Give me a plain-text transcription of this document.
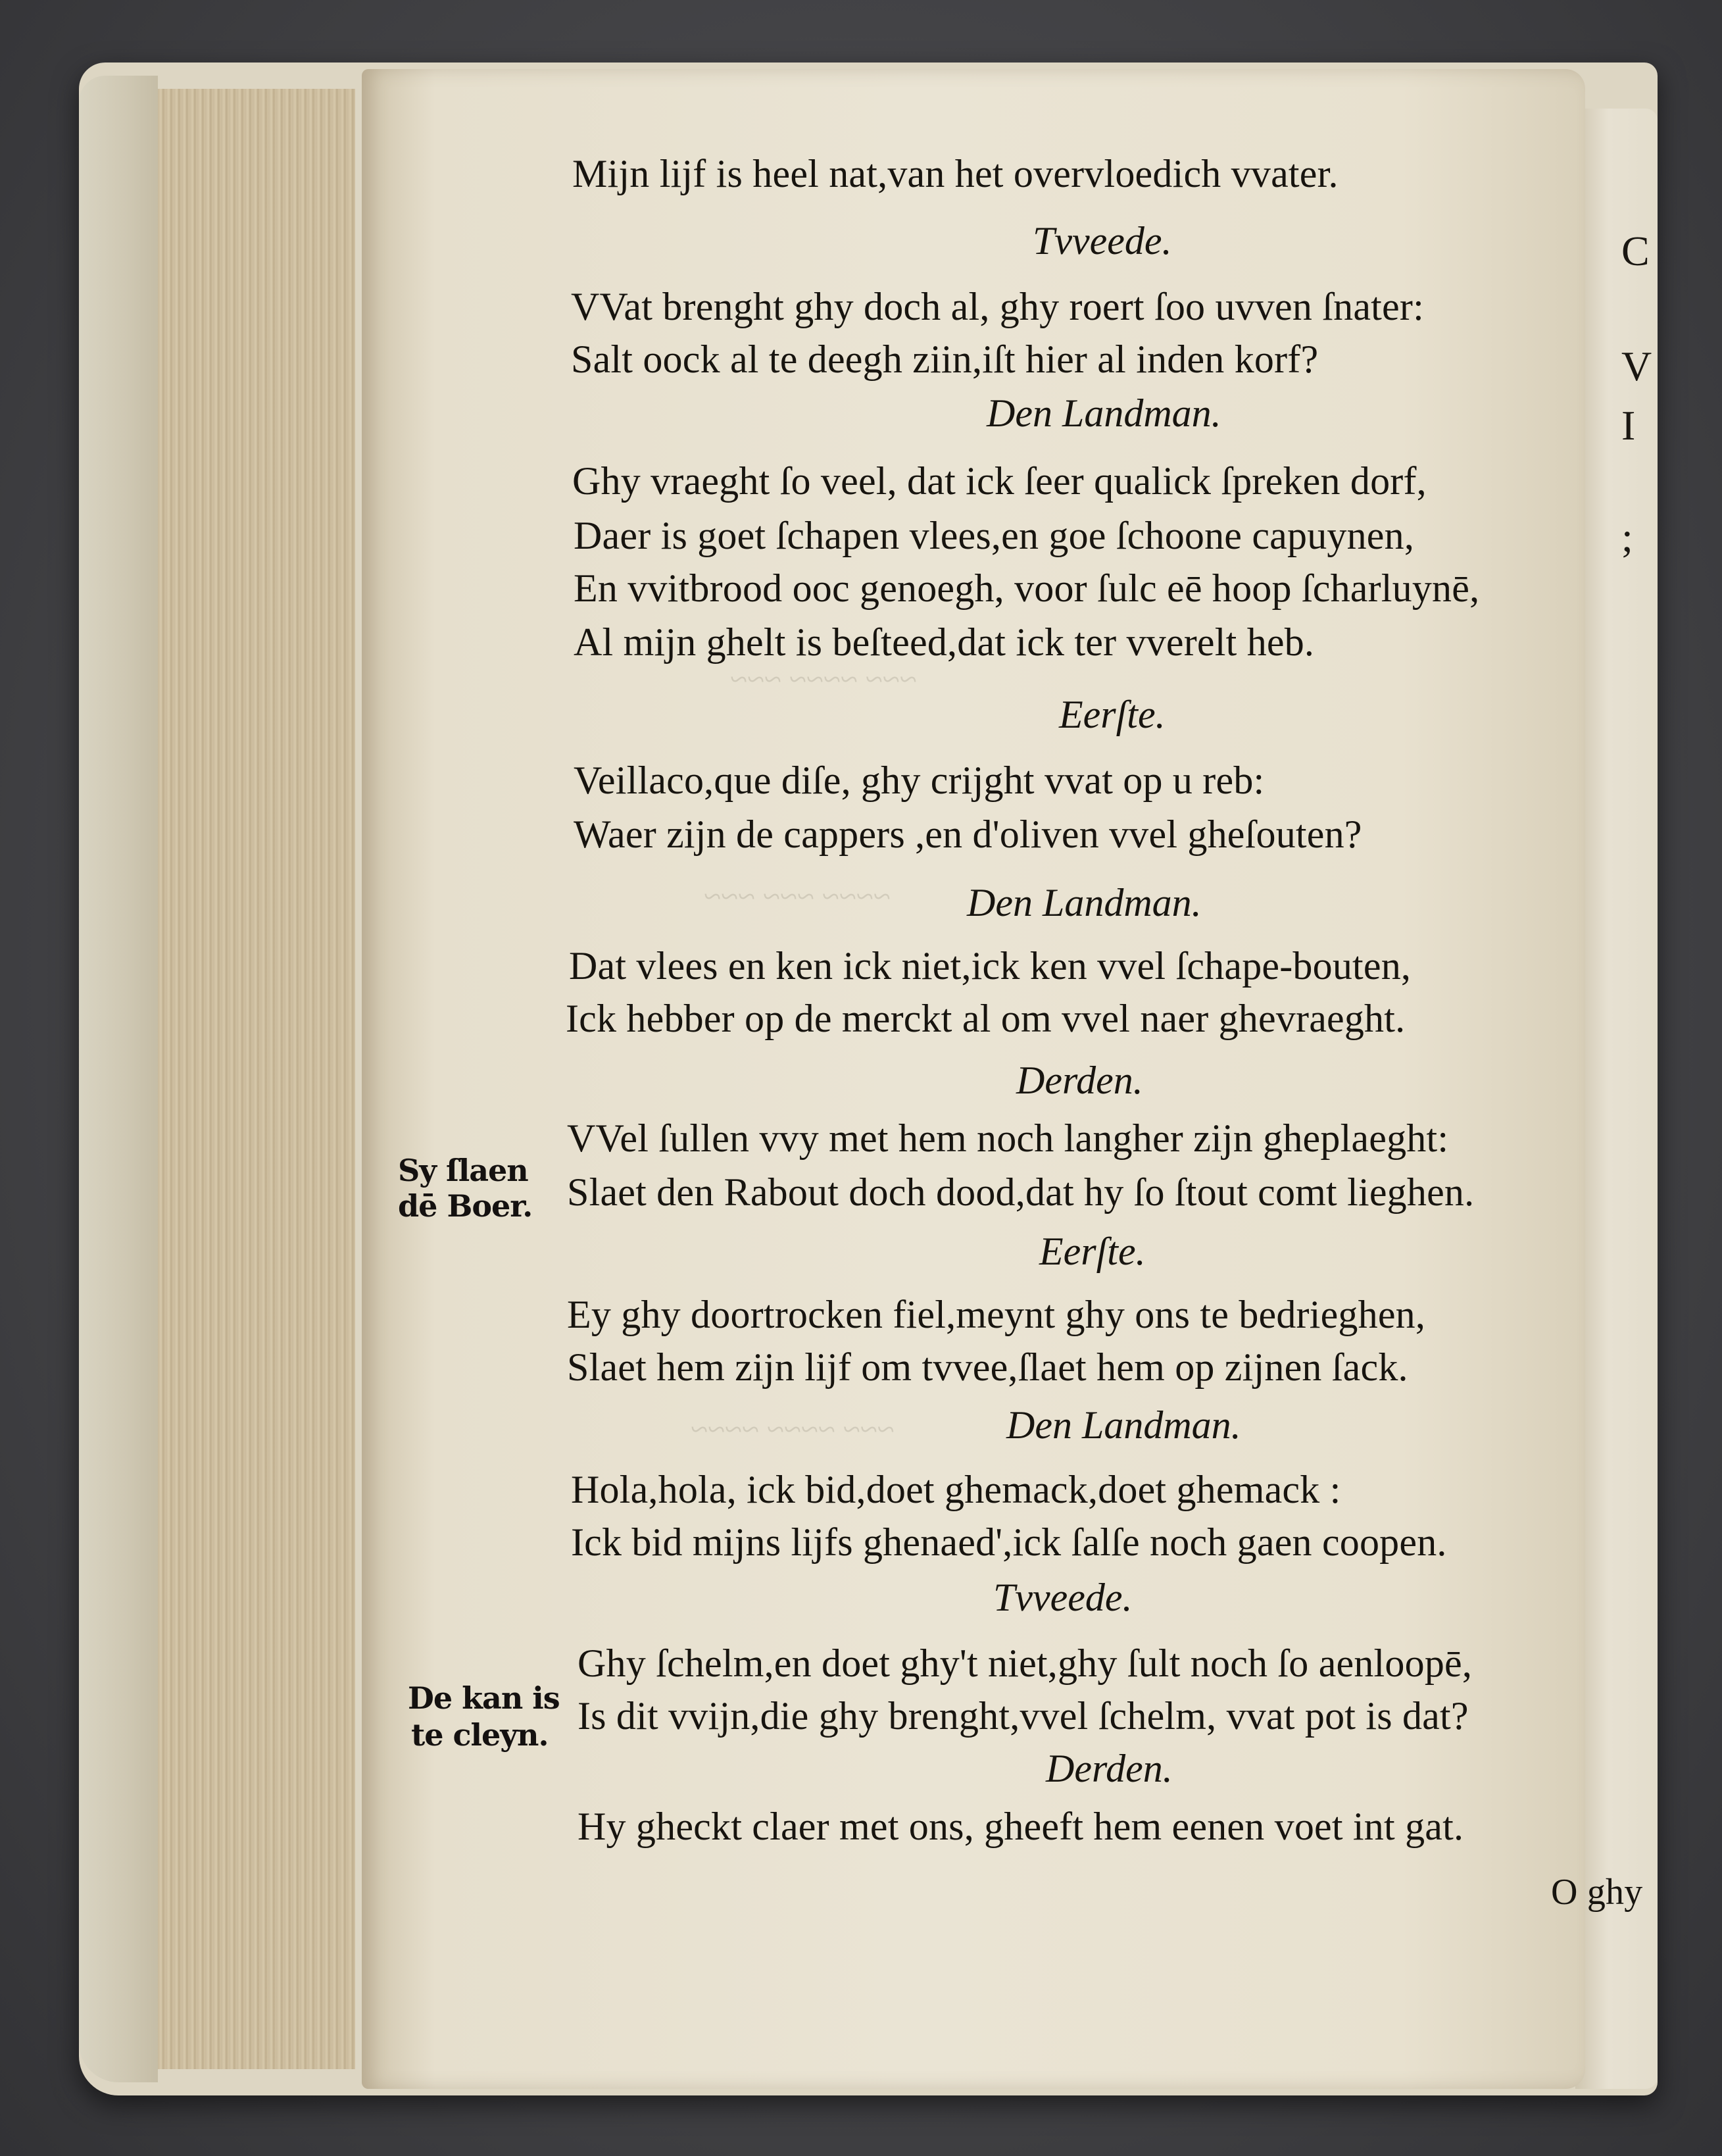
C
V
I
;
~~~ ~~~~ ~~~
~~~~ ~~~ ~~~
~~~ ~~~~ ~~~~
Mijn lijf is heel nat,van het overvloedich vvater.
Tvveede.
VVat brenght ghy doch al, ghy roert ſoo uvven ſnater:
Salt oock al te deegh ziin,iſt hier al inden korf?
Den Landman.
Ghy vraeght ſo veel, dat ick ſeer qualick ſpreken dorf,
Daer is goet ſchapen vlees,en goe ſchoone capuynen,
En vvitbrood ooc genoegh, voor ſulc eē hoop ſcharluynē,
Al mijn ghelt is beſteed,dat ick ter vverelt heb.
Eerſte.
Veillaco,que diſe, ghy crijght vvat op u reb:
Waer zijn de cappers ,en d'oliven vvel gheſouten?
Den Landman.
Dat vlees en ken ick niet,ick ken vvel ſchape-bouten,
Ick hebber op de merckt al om vvel naer ghevraeght.
Derden.
VVel ſullen vvy met hem noch langher zijn gheplaeght:
Slaet den Rabout doch dood,dat hy ſo ſtout comt lieghen.
Eerſte.
Ey ghy doortrocken fiel,meynt ghy ons te bedrieghen,
Slaet hem zijn lijf om tvvee,ſlaet hem op zijnen ſack.
Den Landman.
Hola,hola, ick bid,doet ghemack,doet ghemack :
Ick bid mijns lijfs ghenaed',ick ſalſe noch gaen coopen.
Tvveede.
Ghy ſchelm,en doet ghy't niet,ghy ſult noch ſo aenloopē,
Is dit vvijn,die ghy brenght,vvel ſchelm, vvat pot is dat?
Derden.
Hy gheckt claer met ons, gheeft hem eenen voet int gat.
O ghy
Sy ſlaen
dē Boer.
De kan is
te cleyn.
